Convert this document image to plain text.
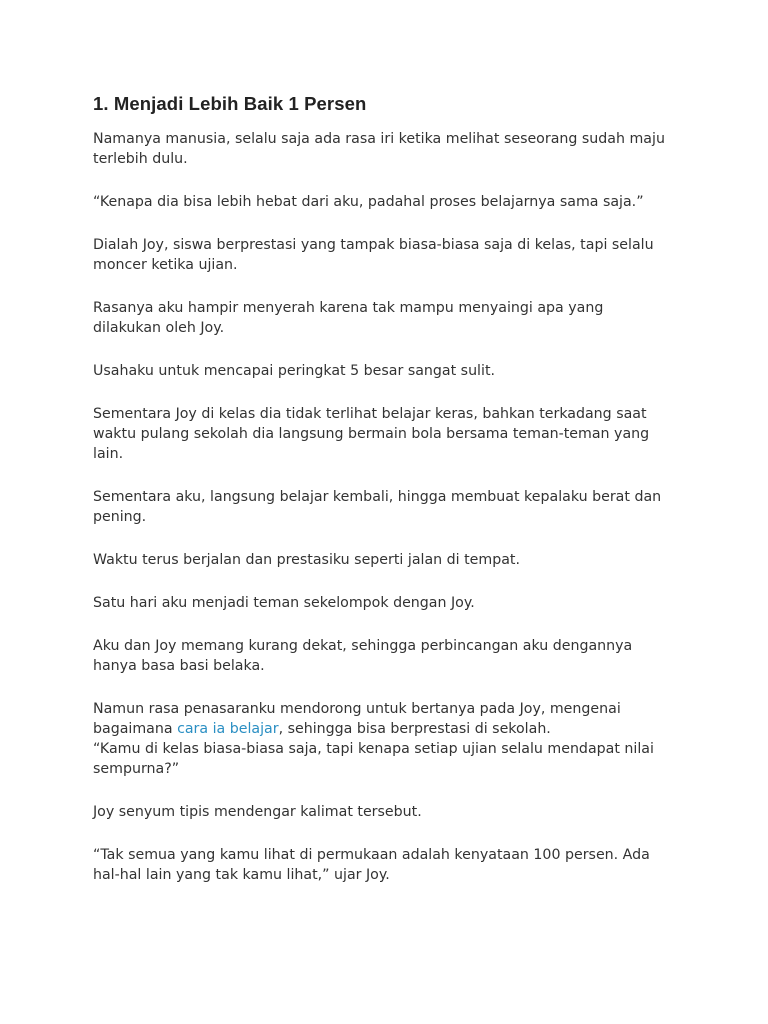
1. Menjadi Lebih Baik 1 Persen

Namanya manusia, selalu saja ada rasa iri ketika melihat seseorang sudah maju
terlebih dulu.

“Kenapa dia bisa lebih hebat dari aku, padahal proses belajarnya sama saja.”

Dialah Joy, siswa berprestasi yang tampak biasa-biasa saja di kelas, tapi selalu
moncer ketika ujian.

Rasanya aku hampir menyerah karena tak mampu menyaingi apa yang
dilakukan oleh Joy.

Usahaku untuk mencapai peringkat 5 besar sangat sulit.

Sementara Joy di kelas dia tidak terlihat belajar keras, bahkan terkadang saat
waktu pulang sekolah dia langsung bermain bola bersama teman-teman yang
lain.

Sementara aku, langsung belajar kembali, hingga membuat kepalaku berat dan
pening.

Waktu terus berjalan dan prestasiku seperti jalan di tempat.

Satu hari aku menjadi teman sekelompok dengan Joy.

Aku dan Joy memang kurang dekat, sehingga perbincangan aku dengannya
hanya basa basi belaka.

Namun rasa penasaranku mendorong untuk bertanya pada Joy, mengenai
bagaimana cara ia belajar, sehingga bisa berprestasi di sekolah.
“Kamu di kelas biasa-biasa saja, tapi kenapa setiap ujian selalu mendapat nilai
sempurna?”

Joy senyum tipis mendengar kalimat tersebut.

“Tak semua yang kamu lihat di permukaan adalah kenyataan 100 persen. Ada
hal-hal lain yang tak kamu lihat,” ujar Joy.
